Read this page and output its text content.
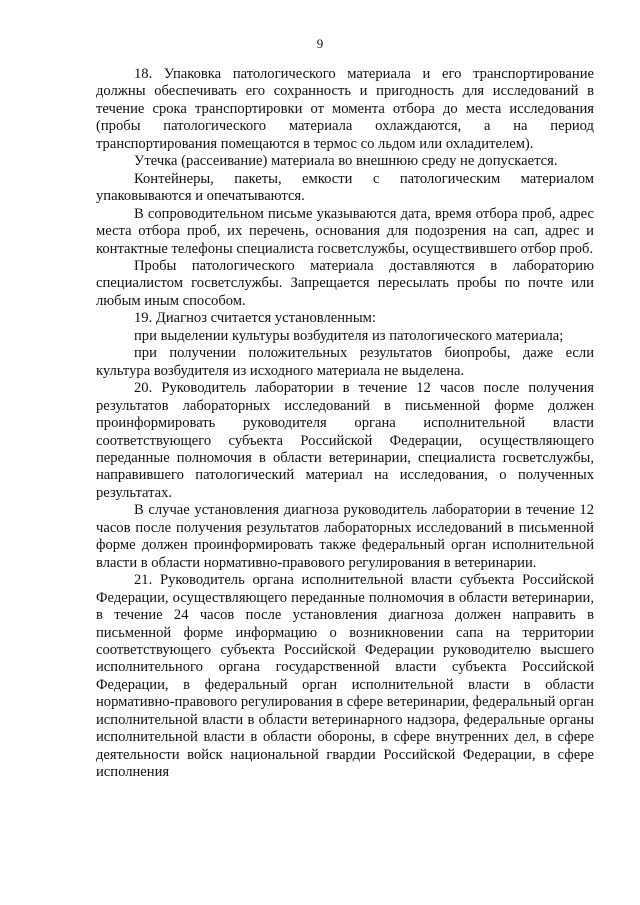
9

18. Упаковка патологического материала и его транспортирование должны обеспечивать его сохранность и пригодность для исследований в течение срока транспортировки от момента отбора до места исследования (пробы патологического материала охлаждаются, а на период транспортирования помещаются в термос со льдом или охладителем).

Утечка (рассеивание) материала во внешнюю среду не допускается.

Контейнеры, пакеты, емкости с патологическим материалом упаковываются и опечатываются.

В сопроводительном письме указываются дата, время отбора проб, адрес места отбора проб, их перечень, основания для подозрения на сап, адрес и контактные телефоны специалиста госветслужбы, осуществившего отбор проб.

Пробы патологического материала доставляются в лабораторию специалистом госветслужбы. Запрещается пересылать пробы по почте или любым иным способом.

19. Диагноз считается установленным:

при выделении культуры возбудителя из патологического материала;

при получении положительных результатов биопробы, даже если культура возбудителя из исходного материала не выделена.

20. Руководитель лаборатории в течение 12 часов после получения результатов лабораторных исследований в письменной форме должен проинформировать руководителя органа исполнительной власти соответствующего субъекта Российской Федерации, осуществляющего переданные полномочия в области ветеринарии, специалиста госветслужбы, направившего патологический материал на исследования, о полученных результатах.

В случае установления диагноза руководитель лаборатории в течение 12 часов после получения результатов лабораторных исследований в письменной форме должен проинформировать также федеральный орган исполнительной власти в области нормативно-правового регулирования в ветеринарии.

21. Руководитель органа исполнительной власти субъекта Российской Федерации, осуществляющего переданные полномочия в области ветеринарии, в течение 24 часов после установления диагноза должен направить в письменной форме информацию о возникновении сапа на территории соответствующего субъекта Российской Федерации руководителю высшего исполнительного органа государственной власти субъекта Российской Федерации, в федеральный орган исполнительной власти в области нормативно-правового регулирования в сфере ветеринарии, федеральный орган исполнительной власти в области ветеринарного надзора, федеральные органы исполнительной власти в области обороны, в сфере внутренних дел, в сфере деятельности войск национальной гвардии Российской Федерации, в сфере исполнения
